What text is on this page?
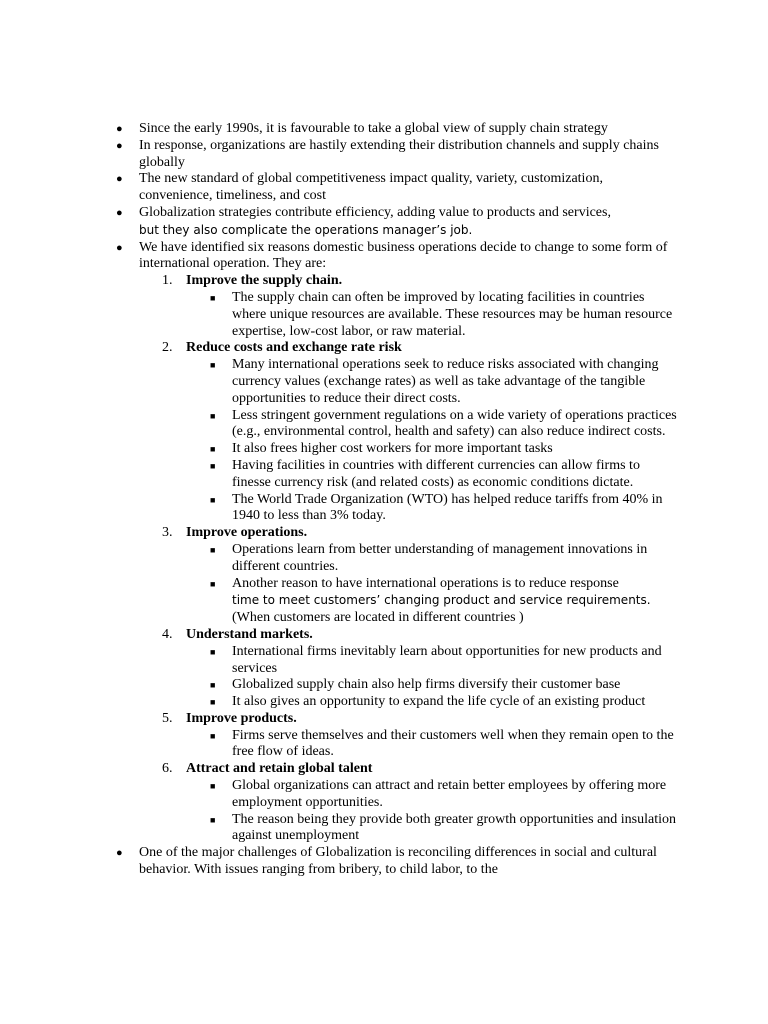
● Since the early 1990s, it is favourable to take a global view of supply chain strategy
● In response, organizations are hastily extending their distribution channels and supply chains globally
● The new standard of global competitiveness impact quality, variety, customization, convenience, timeliness, and cost
● Globalization strategies contribute efficiency, adding value to products and services,
but they also complicate the operations manager’s job.
● We have identified six reasons domestic business operations decide to change to some form of international operation. They are:
1. Improve the supply chain.
■ The supply chain can often be improved by locating facilities in countries where unique resources are available. These resources may be human resource expertise, low-cost labor, or raw material.
2. Reduce costs and exchange rate risk
■ Many international operations seek to reduce risks associated with changing currency values (exchange rates) as well as take advantage of the tangible opportunities to reduce their direct costs.
■ Less stringent government regulations on a wide variety of operations practices (e.g., environmental control, health and safety) can also reduce indirect costs.
■ It also frees higher cost workers for more important tasks
■ Having facilities in countries with different currencies can allow firms to finesse currency risk (and related costs) as economic conditions dictate.
■ The World Trade Organization (WTO) has helped reduce tariffs from 40% in 1940 to less than 3% today.
3. Improve operations.
■ Operations learn from better understanding of management innovations in different countries.
■ Another reason to have international operations is to reduce response
time to meet customers’ changing product and service requirements.
(When customers are located in different countries )
4. Understand markets.
■ International firms inevitably learn about opportunities for new products and services
■ Globalized supply chain also help firms diversify their customer base
■ It also gives an opportunity to expand the life cycle of an existing product
5. Improve products.
■ Firms serve themselves and their customers well when they remain open to the free flow of ideas.
6. Attract and retain global talent
■ Global organizations can attract and retain better employees by offering more employment opportunities.
■ The reason being they provide both greater growth opportunities and insulation against unemployment
● One of the major challenges of Globalization is reconciling differences in social and cultural behavior. With issues ranging from bribery, to child labor, to the
